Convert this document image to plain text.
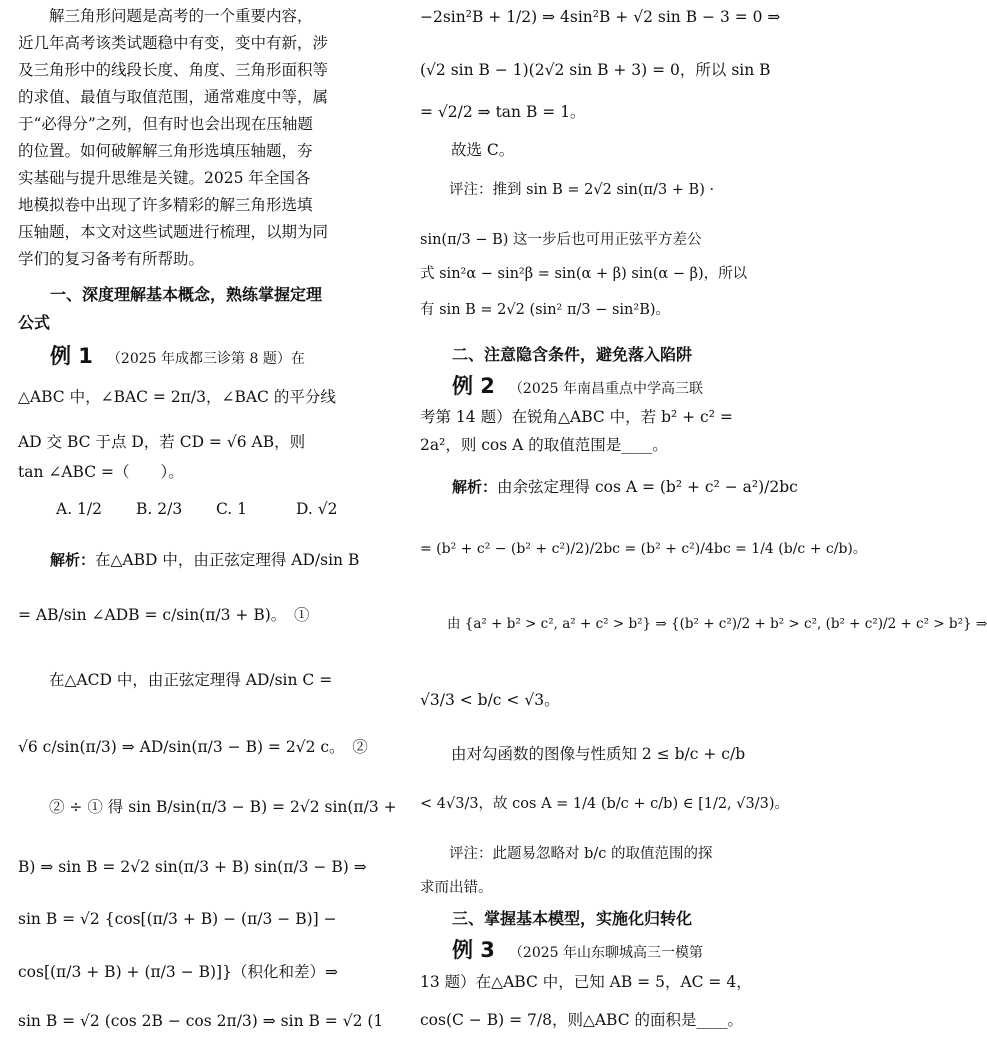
　　解三角形问题是高考的一个重要内容，
近几年高考该类试题稳中有变，变中有新，涉
及三角形中的线段长度、角度、三角形面积等
的求值、最值与取值范围，通常难度中等，属
于“必得分”之列，但有时也会出现在压轴题
的位置。如何破解解三角形选填压轴题，夯
实基础与提升思维是关键。2025 年全国各
地模拟卷中出现了许多精彩的解三角形选填
压轴题，本文对这些试题进行梳理，以期为同
学们的复习备考有所帮助。
一、深度理解基本概念，熟练掌握定理
公式
例 1 （2025 年成都三诊第 8 题）在
△ABC 中，∠BAC = 2π/3，∠BAC 的平分线
AD 交 BC 于点 D，若 CD = √6 AB，则
tan ∠ABC =（　　）。
A. 1/2 B. 2/3 C. 1	D. √2
解析：在△ABD 中，由正弦定理得 AD/sin B
= AB/sin ∠ADB = c/sin(π/3 + B)。　①
　　在△ACD 中，由正弦定理得 AD/sin C =
√6 c/sin(π/3) ⇒ AD/sin(π/3 − B) = 2√2 c。　②
　　② ÷ ① 得 sin B/sin(π/3 − B) = 2√2 sin(π/3 +
B) ⇒ sin B = 2√2 sin(π/3 + B) sin(π/3 − B) ⇒
sin B = √2 {cos[(π/3 + B) − (π/3 − B)] −
cos[(π/3 + B) + (π/3 − B)]}（积化和差）⇒
sin B = √2 (cos 2B − cos 2π/3) ⇒ sin B = √2 (1
−2sin²B + 1/2) ⇒ 4sin²B + √2 sin B − 3 = 0 ⇒
(√2 sin B − 1)(2√2 sin B + 3) = 0，所以 sin B
= √2/2 ⇒ tan B = 1。
　　故选 C。
　　评注：推到 sin B = 2√2 sin(π/3 + B) ·
sin(π/3 − B) 这一步后也可用正弦平方差公
式 sin²α − sin²β = sin(α + β) sin(α − β)，所以
有 sin B = 2√2 (sin² π/3 − sin²B)。
二、注意隐含条件，避免落入陷阱
例 2 （2025 年南昌重点中学高三联
考第 14 题）在锐角△ABC 中，若 b² + c² =
2a²，则 cos A 的取值范围是____。
解析：由余弦定理得 cos A = (b² + c² − a²)/2bc
= (b² + c² − (b² + c²)/2)/2bc = (b² + c²)/4bc = 1/4 (b/c + c/b)。
　　由 {a² + b² > c², a² + c² > b²} ⇒ {(b² + c²)/2 + b² > c², (b² + c²)/2 + c² > b²} ⇒
√3/3 < b/c < √3。
　　由对勾函数的图像与性质知 2 ≤ b/c + c/b
< 4√3/3，故 cos A = 1/4 (b/c + c/b) ∈ [1/2, √3/3)。
　　评注：此题易忽略对 b/c 的取值范围的探
求而出错。
三、掌握基本模型，实施化归转化
例 3 （2025 年山东聊城高三一模第
13 题）在△ABC 中，已知 AB = 5，AC = 4，
cos(C − B) = 7/8，则△ABC 的面积是____。
